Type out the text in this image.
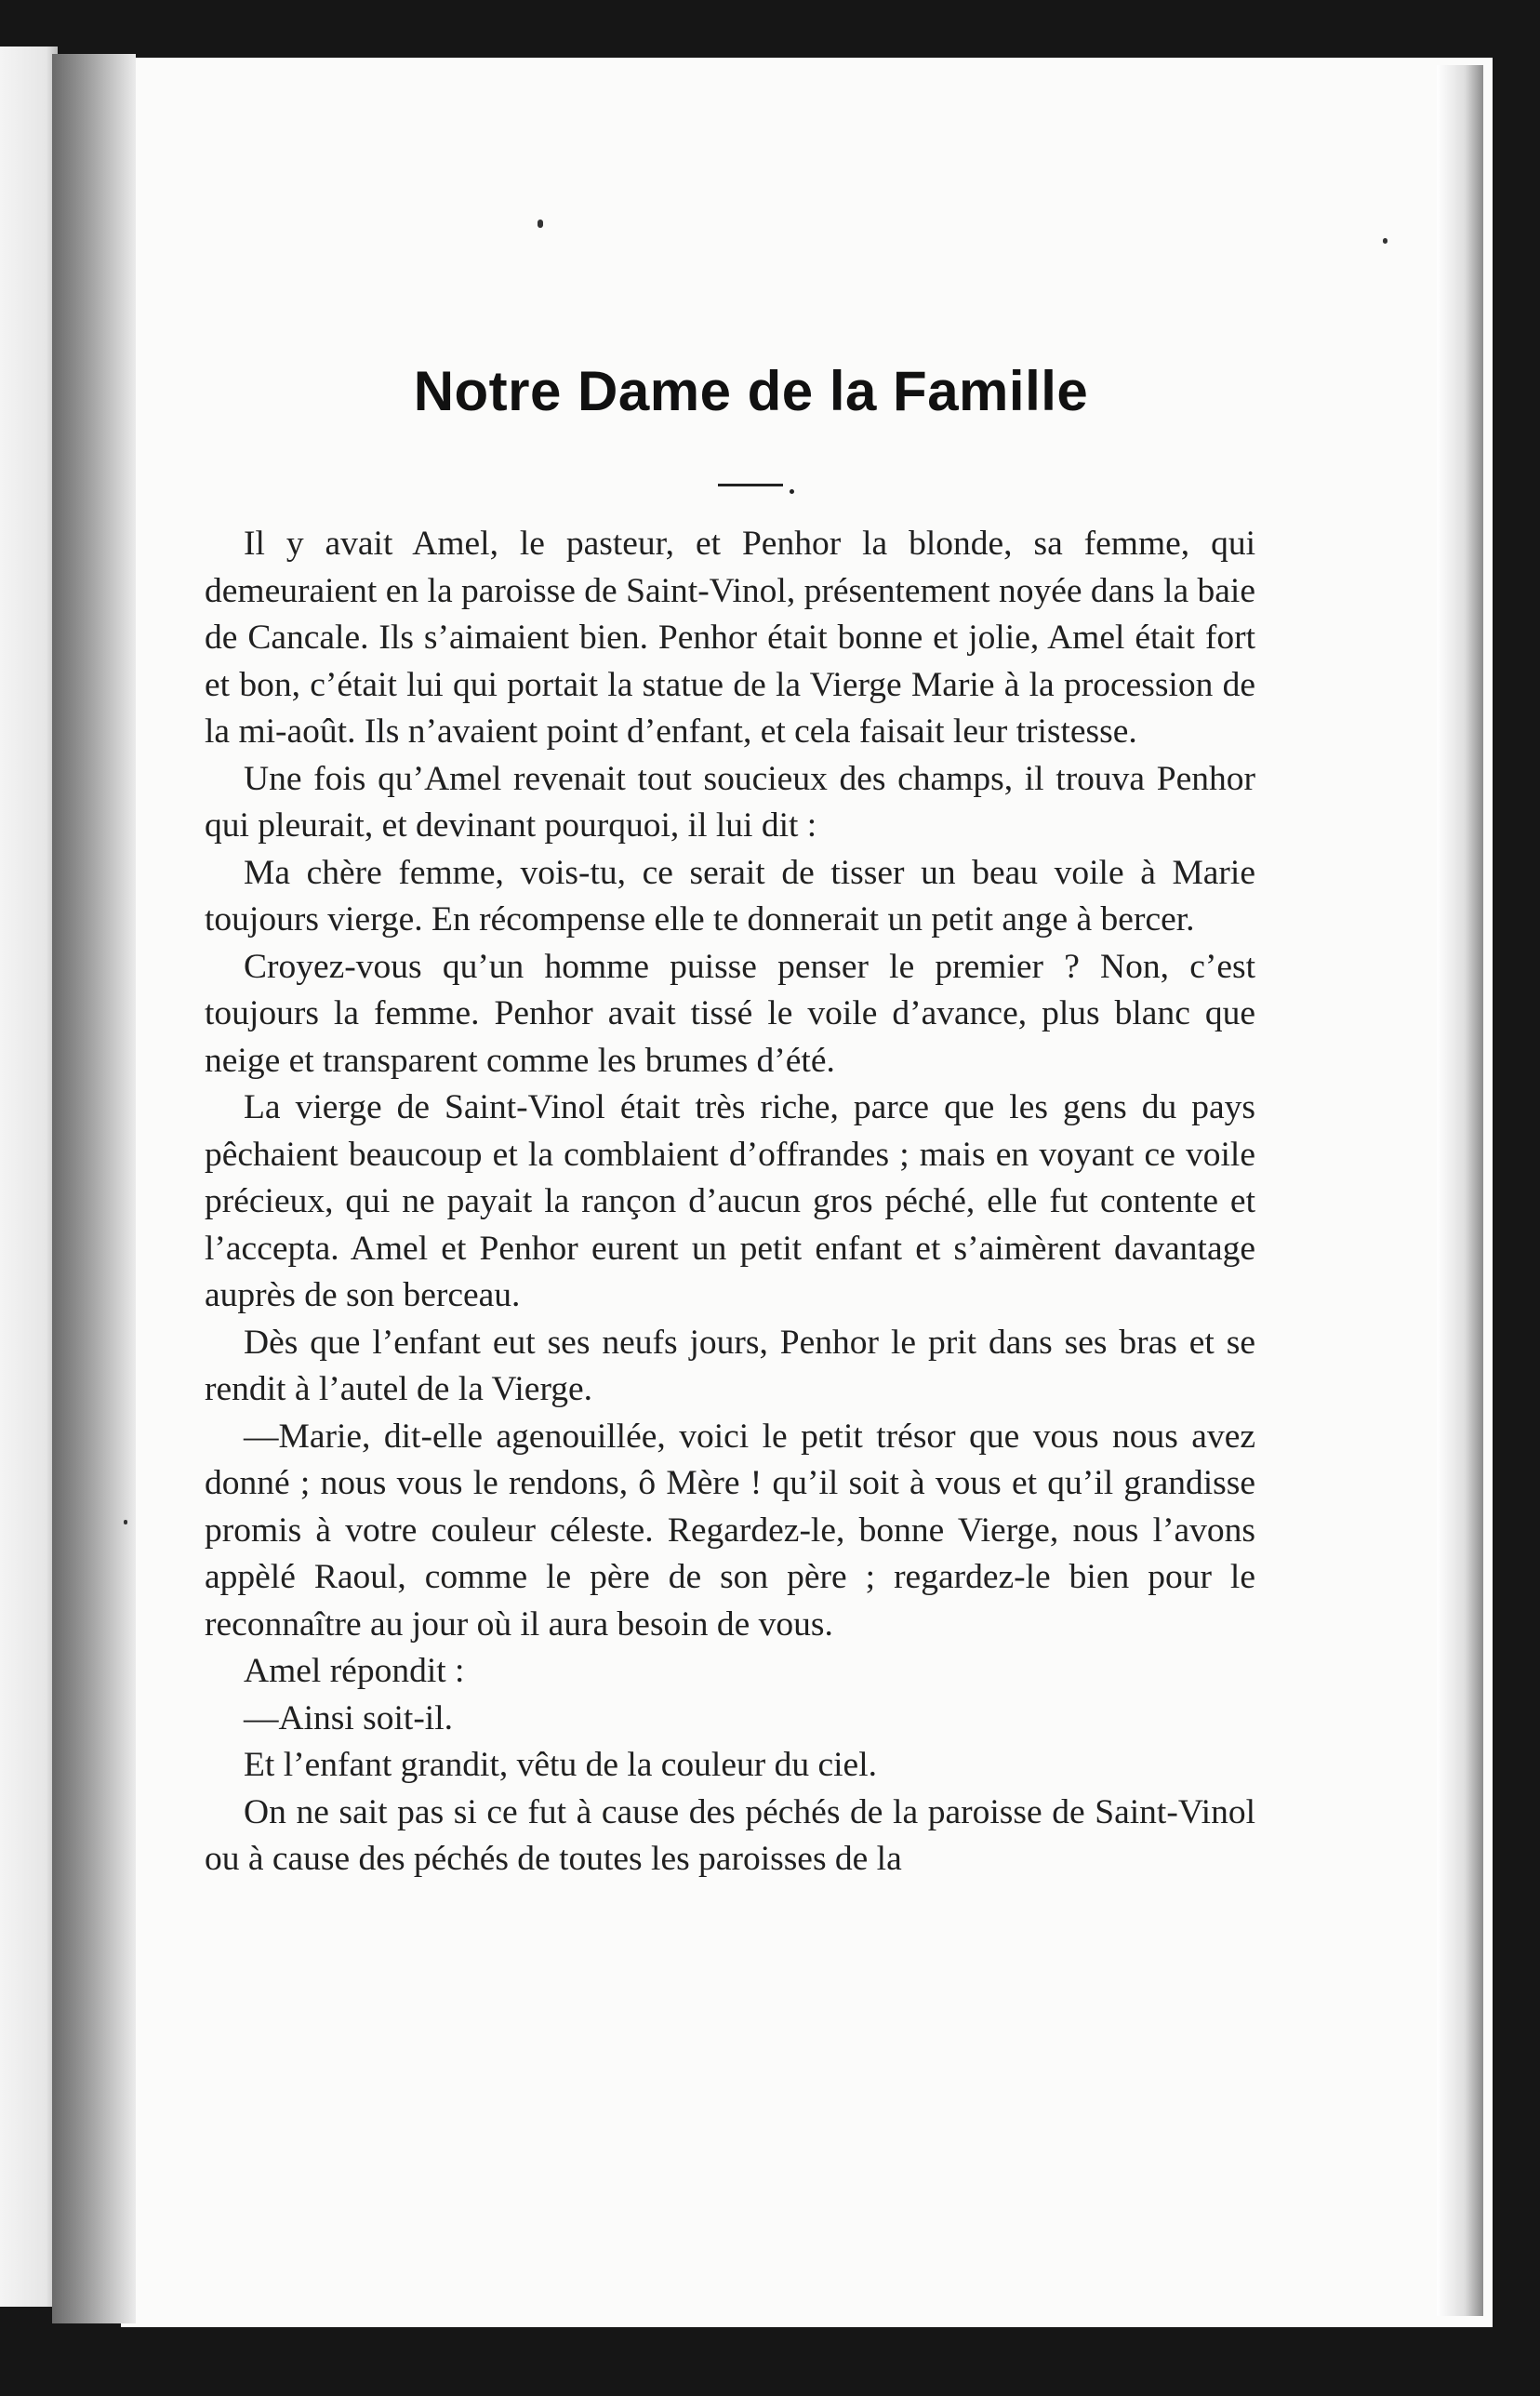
Notre Dame de la Famille

Il y avait Amel, le pasteur, et Penhor la blonde, sa femme, qui demeuraient en la paroisse de Saint-Vinol, présentement noyée dans la baie de Cancale. Ils s’aimaient bien. Penhor était bonne et jolie, Amel était fort et bon, c’était lui qui portait la statue de la Vierge Marie à la procession de la mi-août. Ils n’avaient point d’enfant, et cela faisait leur tristesse.

Une fois qu’Amel revenait tout soucieux des champs, il trouva Penhor qui pleurait, et devinant pourquoi, il lui dit :

Ma chère femme, vois-tu, ce serait de tisser un beau voile à Marie toujours vierge. En récompense elle te donnerait un petit ange à bercer.

Croyez-vous qu’un homme puisse penser le premier ? Non, c’est toujours la femme. Penhor avait tissé le voile d’avance, plus blanc que neige et transparent comme les brumes d’été.

La vierge de Saint-Vinol était très riche, parce que les gens du pays pêchaient beaucoup et la comblaient d’offrandes ; mais en voyant ce voile précieux, qui ne payait la rançon d’aucun gros péché, elle fut contente et l’accepta. Amel et Penhor eurent un petit enfant et s’aimèrent davantage auprès de son berceau.

Dès que l’enfant eut ses neufs jours, Penhor le prit dans ses bras et se rendit à l’autel de la Vierge.

—Marie, dit-elle agenouillée, voici le petit trésor que vous nous avez donné ; nous vous le rendons, ô Mère ! qu’il soit à vous et qu’il grandisse promis à votre couleur céleste. Regardez-le, bonne Vierge, nous l’avons appèlé Raoul, comme le père de son père ; regardez-le bien pour le reconnaître au jour où il aura besoin de vous.

Amel répondit :

—Ainsi soit-il.

Et l’enfant grandit, vêtu de la couleur du ciel.

On ne sait pas si ce fut à cause des péchés de la paroisse de Saint-Vinol ou à cause des péchés de toutes les paroisses de la
